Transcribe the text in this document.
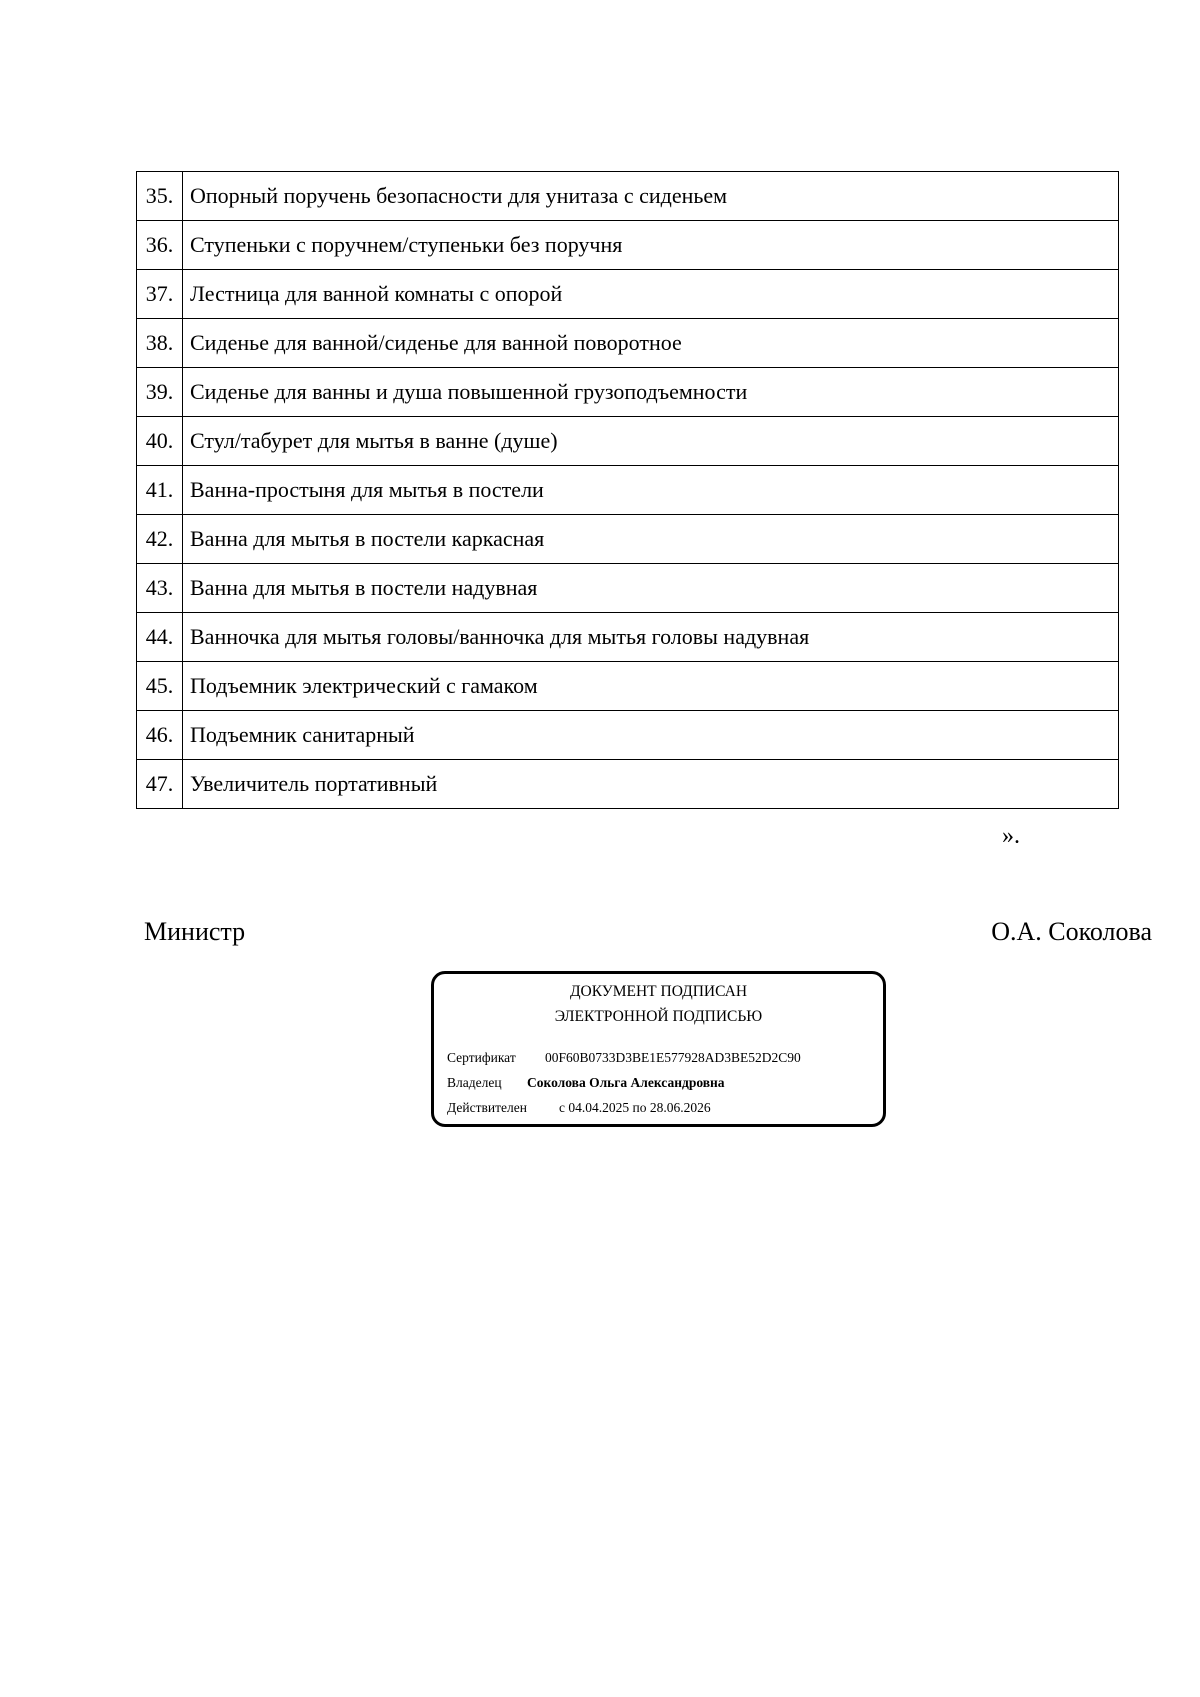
35.	Опорный поручень безопасности для унитаза с сиденьем
36.	Ступеньки с поручнем/ступеньки без поручня
37.	Лестница для ванной комнаты с опорой
38.	Сиденье для ванной/сиденье для ванной поворотное
39.	Сиденье для ванны и душа повышенной грузоподъемности
40.	Стул/табурет для мытья в ванне (душе)
41.	Ванна-простыня для мытья в постели
42.	Ванна для мытья в постели каркасная
43.	Ванна для мытья в постели надувная
44.	Ванночка для мытья головы/ванночка для мытья головы надувная
45.	Подъемник электрический с гамаком
46.	Подъемник санитарный
47.	Увеличитель портативный
».
Министр	О.А. Соколова
ДОКУМЕНТ ПОДПИСАН
ЭЛЕКТРОННОЙ ПОДПИСЬЮ
Сертификат 00F60B0733D3BE1E577928AD3BE52D2C90
Владелец Соколова Ольга Александровна
Действителен с 04.04.2025 по 28.06.2026
